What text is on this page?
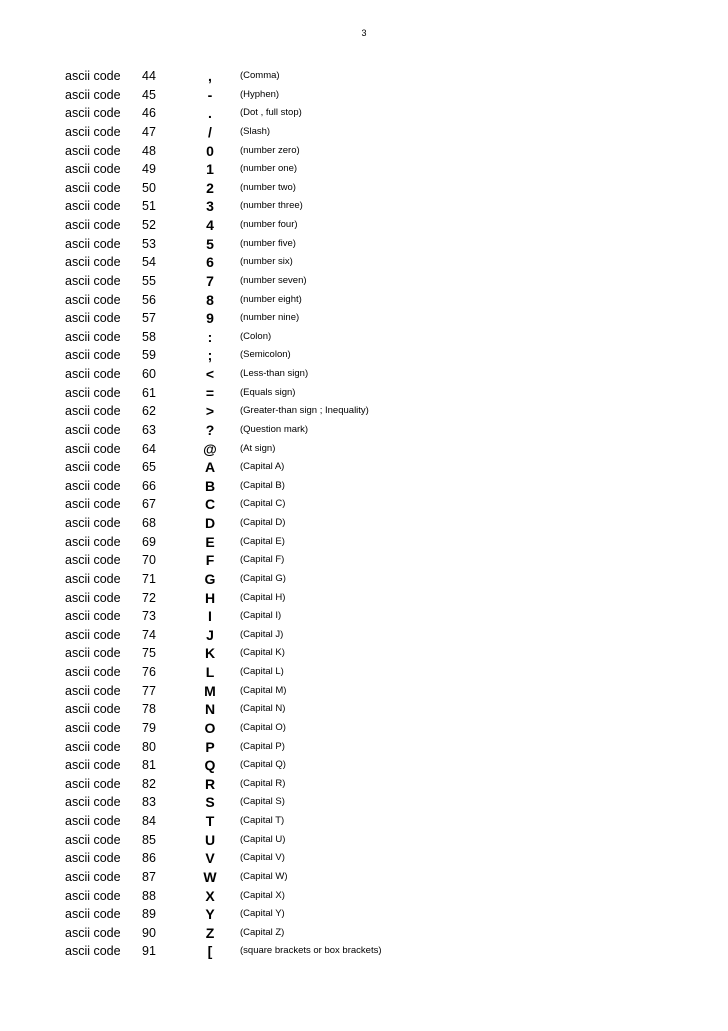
3
ascii code 44	,	(Comma)
ascii code 45	-	(Hyphen)
ascii code 46	.	(Dot , full stop)
ascii code 47	/	(Slash)
ascii code 48	0	(number zero)
ascii code 49	1	(number one)
ascii code 50	2	(number two)
ascii code 51	3	(number three)
ascii code 52	4	(number four)
ascii code 53	5	(number five)
ascii code 54	6	(number six)
ascii code 55	7	(number seven)
ascii code 56	8	(number eight)
ascii code 57	9	(number nine)
ascii code 58	:	(Colon)
ascii code 59	;	(Semicolon)
ascii code 60	<	(Less-than sign)
ascii code 61	=	(Equals sign)
ascii code 62	>	(Greater-than sign ; Inequality)
ascii code 63	?	(Question mark)
ascii code 64	@	(At sign)
ascii code 65	A	(Capital A)
ascii code 66	B	(Capital B)
ascii code 67	C	(Capital C)
ascii code 68	D	(Capital D)
ascii code 69	E	(Capital E)
ascii code 70	F	(Capital F)
ascii code 71	G	(Capital G)
ascii code 72	H	(Capital H)
ascii code 73	I	(Capital I)
ascii code 74	J	(Capital J)
ascii code 75	K	(Capital K)
ascii code 76	L	(Capital L)
ascii code 77	M	(Capital M)
ascii code 78	N	(Capital N)
ascii code 79	O	(Capital O)
ascii code 80	P	(Capital P)
ascii code 81	Q	(Capital Q)
ascii code 82	R	(Capital R)
ascii code 83	S	(Capital S)
ascii code 84	T	(Capital T)
ascii code 85	U	(Capital U)
ascii code 86	V	(Capital V)
ascii code 87	W	(Capital W)
ascii code 88	X	(Capital X)
ascii code 89	Y	(Capital Y)
ascii code 90	Z	(Capital Z)
ascii code 91	[	(square brackets or box brackets)
